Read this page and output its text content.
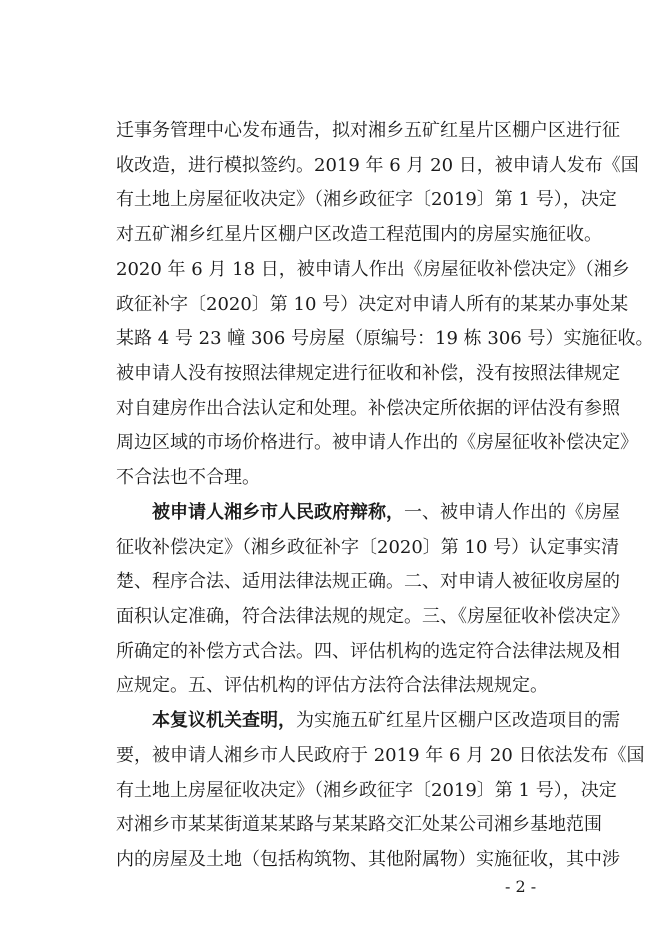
迁事务管理中心发布通告，拟对湘乡五矿红星片区棚户区进行征
收改造，进行模拟签约。2019 年 6 月 20 日，被申请人发布《国
有土地上房屋征收决定》（湘乡政征字〔2019〕第 1 号），决定
对五矿湘乡红星片区棚户区改造工程范围内的房屋实施征收。
2020 年 6 月 18 日，被申请人作出《房屋征收补偿决定》（湘乡
政征补字〔2020〕第 10 号）决定对申请人所有的某某办事处某
某路 4 号 23 幢 306 号房屋（原编号：19 栋 306 号）实施征收。
被申请人没有按照法律规定进行征收和补偿，没有按照法律规定
对自建房作出合法认定和处理。补偿决定所依据的评估没有参照
周边区域的市场价格进行。被申请人作出的《房屋征收补偿决定》
不合法也不合理。
被申请人湘乡市人民政府辩称，一、被申请人作出的《房屋
征收补偿决定》（湘乡政征补字〔2020〕第 10 号）认定事实清
楚、程序合法、适用法律法规正确。二、对申请人被征收房屋的
面积认定准确，符合法律法规的规定。三、《房屋征收补偿决定》
所确定的补偿方式合法。四、评估机构的选定符合法律法规及相
应规定。五、评估机构的评估方法符合法律法规规定。
本复议机关查明，为实施五矿红星片区棚户区改造项目的需
要，被申请人湘乡市人民政府于 2019 年 6 月 20 日依法发布《国
有土地上房屋征收决定》（湘乡政征字〔2019〕第 1 号），决定
对湘乡市某某街道某某路与某某路交汇处某公司湘乡基地范围
内的房屋及土地（包括构筑物、其他附属物）实施征收，其中涉
- 2 -
